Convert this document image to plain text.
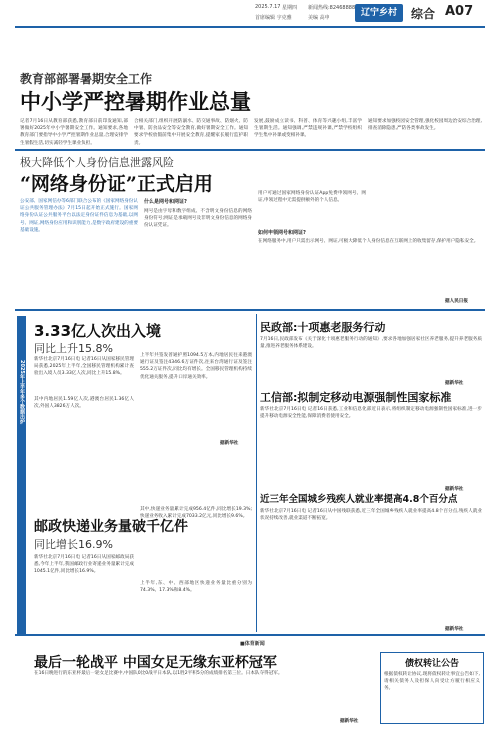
2025.7.17 星期四 新闻热线:82468888
首席编辑 宇克雅	美编 高申	辽宁乡村	综合 A07
教育部部署暑期安全工作
中小学严控暑期作业总量
记者7月16日从教育部获悉,教育部日前印发通知,部署做好2025年中小学暑期安全工作。通知要求,各地教育部门要指导中小学严控暑期作业总量,合理安排学生暑假生活,切实减轻学生课业负担。
合相关部门,组织开展防溺水、防交通事故、防烟火、防中暑、防食品安全等安全教育,做好暑期安全工作。通知要求学校放假前集中开展安全教育,提醒家长履行监护职责。
发展,鼓励成立读书、科普、体育等兴趣小组,丰富学生暑期生活。通知强调,严禁违规补课,严禁学校组织学生集中补课或变相补课。
通知要求加强校园安全管理,强化校园周边治安综合治理,排查消除隐患,严防各类事故发生。
极大降低个人身份信息泄露风险
“网络身份证”正式启用
公安部、国家网信办等6部门联合公布的《国家网络身份认证公共服务管理办法》7月15日起开始正式施行。国家网络身份认证公共服务平台以法定身份证件信息为基础,以网号、网证,网络身份应用和识别能力,是数字政府建设的重要基础设施。
什么是网号和网证?
网号是由字母和数字组成、不含明文身份信息的网络身份符号;网证是承载网号及非明文身份信息的网络身份认证凭证。
用户可通过国家网络身份认证App免费申领网号、网证,申领过程中无需提供额外的个人信息。
如何申领网号和网证?
在网络服务中,用户只需出示网号、网证,可极大降低个人身份信息在互联网上的收集留存,保护用户隐私安全。
据人民日报
2025年上半年多个数据出炉
3.33亿人次出入境
同比上升15.8%
新华社北京7月16日电 记者16日从国家移民管理局获悉,2025年上半年,全国移民管理机构累计查验出入境人员3.33亿人次,同比上升15.8%。
其中内地居民1.59亿人次,港澳台居民1.36亿人次,外国人3826万人次。
上半年共签发普通护照1094.5万本,内地居民往来港澳通行证及签注4346.6万证件次,往来台湾通行证及签注555.2万证件次,同比均有增长。全国移民管理机构持续优化通关服务,提升口岸通关效率。
据新华社
邮政快递业务量破千亿件
同比增长16.9%
新华社北京7月16日电 记者16日从国家邮政局获悉,今年上半年,我国邮政行业寄递业务量累计完成1045.1亿件,同比增长16.9%。
其中,快递业务量累计完成956.4亿件,同比增长19.3%;快递业务收入累计完成7033.2亿元,同比增长9.6%。
上半年,东、中、西部地区快递业务量比重分别为74.3%、17.3%和8.4%。
民政部:十项惠老服务行动
7月16日,民政部发布《关于深化十项惠老服务行动的通知》,要求各地加强居家社区养老服务,提升养老服务质量,推进养老服务体系建设。
据新华社
工信部:拟制定移动电源强制性国家标准
新华社北京7月16日电 记者16日获悉,工业和信息化部近日表示,将组织制定移动电源强制性国家标准,进一步提升移动电源安全性能,保障消费者使用安全。
据新华社
近三年全国城乡残疾人就业率提高4.8个百分点
新华社北京7月16日电 记者16日从中国残联获悉,近三年全国城乡残疾人就业率提高4.8个百分点,残疾人就业状况持续改善,就业渠道不断拓宽。
据新华社
■体育新闻
最后一轮战平 中国女足无缘东亚杯冠军
在16日晚进行的东亚杯最后一轮女足比赛中,中国队0比0战平日本队,以1胜2平积5分的成绩排名第三位。日本队夺得冠军。
据新华社
债权转让公告
根据债权转让协议,现将债权转让事宜公告如下,请相关债务人及担保人向受让方履行相应义务。
